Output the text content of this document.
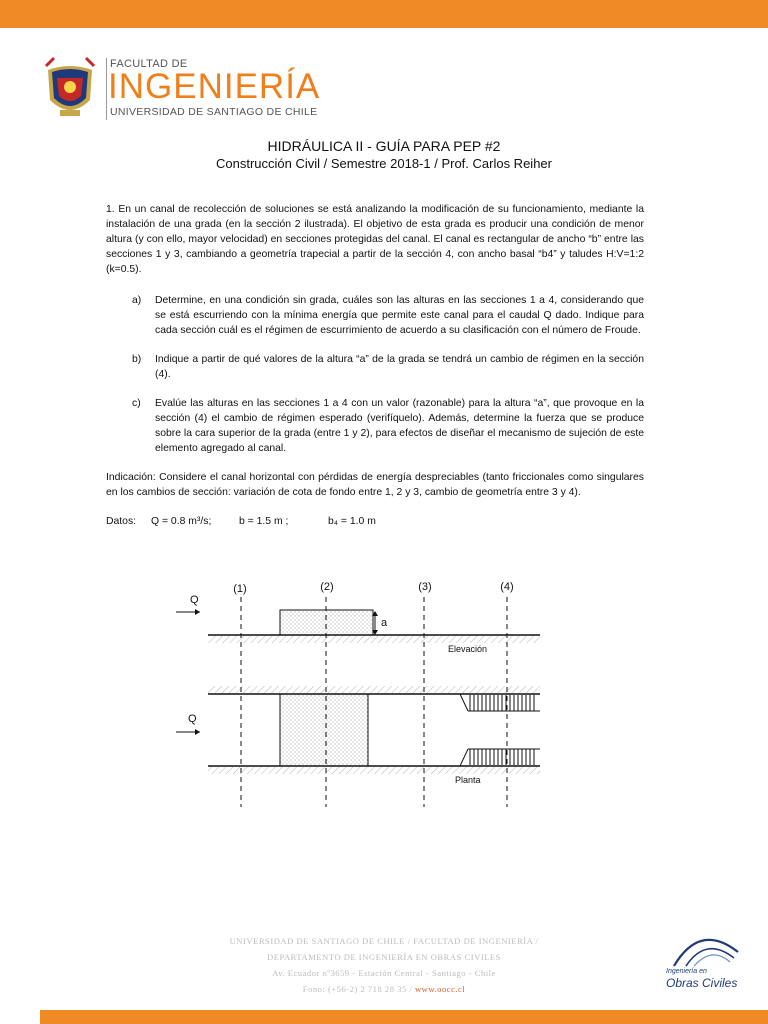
FACULTAD DE
INGENIERÍA
UNIVERSIDAD DE SANTIAGO DE CHILE
HIDRÁULICA II - GUÍA PARA PEP #2
Construcción Civil / Semestre 2018-1 / Prof. Carlos Reiher
1. En un canal de recolección de soluciones se está analizando la modificación de su funcionamiento, mediante la instalación de una grada (en la sección 2 ilustrada). El objetivo de esta grada es producir una condición de menor altura (y con ello, mayor velocidad) en secciones protegidas del canal. El canal es rectangular de ancho “b” entre las secciones 1 y 3, cambiando a geometría trapecial a partir de la sección 4, con ancho basal “b4” y taludes H:V=1:2 (k=0.5).
a) Determine, en una condición sin grada, cuáles son las alturas en las secciones 1 a 4, considerando que se está escurriendo con la mínima energía que permite este canal para el caudal Q dado. Indique para cada sección cuál es el régimen de escurrimiento de acuerdo a su clasificación con el número de Froude.
b) Indique a partir de qué valores de la altura “a” de la grada se tendrá un cambio de régimen en la sección (4).
c) Evalúe las alturas en las secciones 1 a 4 con un valor (razonable) para la altura “a”, que provoque en la sección (4) el cambio de régimen esperado (verifíquelo). Además, determine la fuerza que se produce sobre la cara superior de la grada (entre 1 y 2), para efectos de diseñar el mecanismo de sujeción de este elemento agregado al canal.
Indicación: Considere el canal horizontal con pérdidas de energía despreciables (tanto friccionales como singulares en los cambios de sección: variación de cota de fondo entre 1, 2 y 3, cambio de geometría entre 3 y 4).
Datos: Q = 0.8 m³/s;	b = 1.5 m ;	b₄ = 1.0 m
(1)	(2)	(3)	(4)
Q
a
Elevación
Q
Planta
UNIVERSIDAD DE SANTIAGO DE CHILE / FACULTAD DE INGENIERÍA /
DEPARTAMENTO DE INGENIERÍA EN OBRAS CIVILES
Av. Ecuador nº3659 - Estación Central - Santiago - Chile
Fono: (+56-2) 2 718 28 35 / www.oocc.cl
Ingeniería en
Obras Civiles
